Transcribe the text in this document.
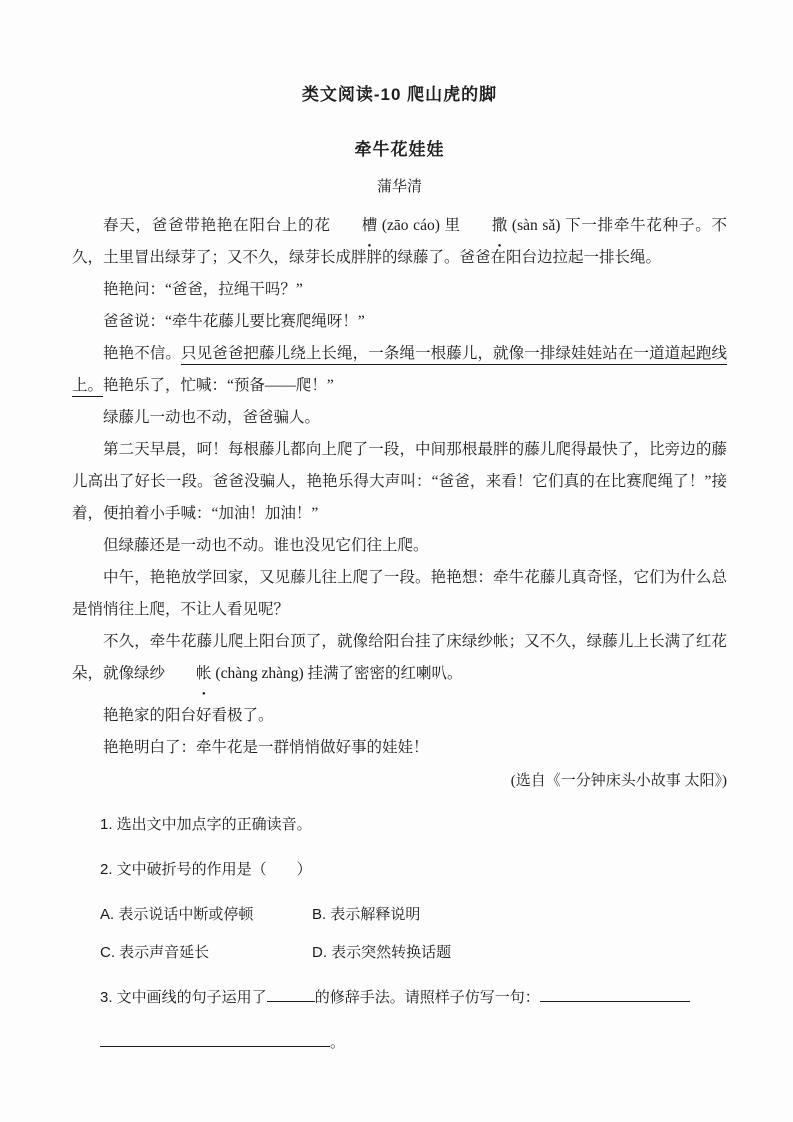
类文阅读-10 爬山虎的脚
牵牛花娃娃
蒲华清

春天，爸爸带艳艳在阳台上的花 槽 ● (zāo cáo) 里 撒 ● (sàn sǎ) 下一排牵牛花种子。不久，土里冒出绿芽了；又不久，绿芽长成胖胖的绿藤了。爸爸在阳台边拉起一排长绳。

艳艳问：“爸爸，拉绳干吗？”

爸爸说：“牵牛花藤儿要比赛爬绳呀！”

艳艳不信。只见爸爸把藤儿绕上长绳，一条绳一根藤儿，就像一排绿娃娃站在一道道起跑线上。艳艳乐了，忙喊：“预备——爬！”

绿藤儿一动也不动，爸爸骗人。

第二天早晨，呵！每根藤儿都向上爬了一段，中间那根最胖的藤儿爬得最快了，比旁边的藤儿高出了好长一段。爸爸没骗人，艳艳乐得大声叫：“爸爸，来看！它们真的在比赛爬绳了！”接着，便拍着小手喊：“加油！加油！”

但绿藤还是一动也不动。谁也没见它们往上爬。

中午，艳艳放学回家，又见藤儿往上爬了一段。艳艳想：牵牛花藤儿真奇怪，它们为什么总是悄悄往上爬，不让人看见呢？

不久，牵牛花藤儿爬上阳台顶了，就像给阳台挂了床绿纱帐；又不久，绿藤儿上长满了红花朵，就像绿纱 帐 ● (chàng zhàng) 挂满了密密的红喇叭。

艳艳家的阳台好看极了。

艳艳明白了：牵牛花是一群悄悄做好事的娃娃！

(选自《一分钟床头小故事 太阳》)

1. 选出文中加点字的正确读音。

2. 文中破折号的作用是（　　）

A. 表示说话中断或停顿	B. 表示解释说明
C. 表示声音延长	D. 表示突然转换话题

3. 文中画线的句子运用了	的修辞手法。请照样子仿写一句：

。
